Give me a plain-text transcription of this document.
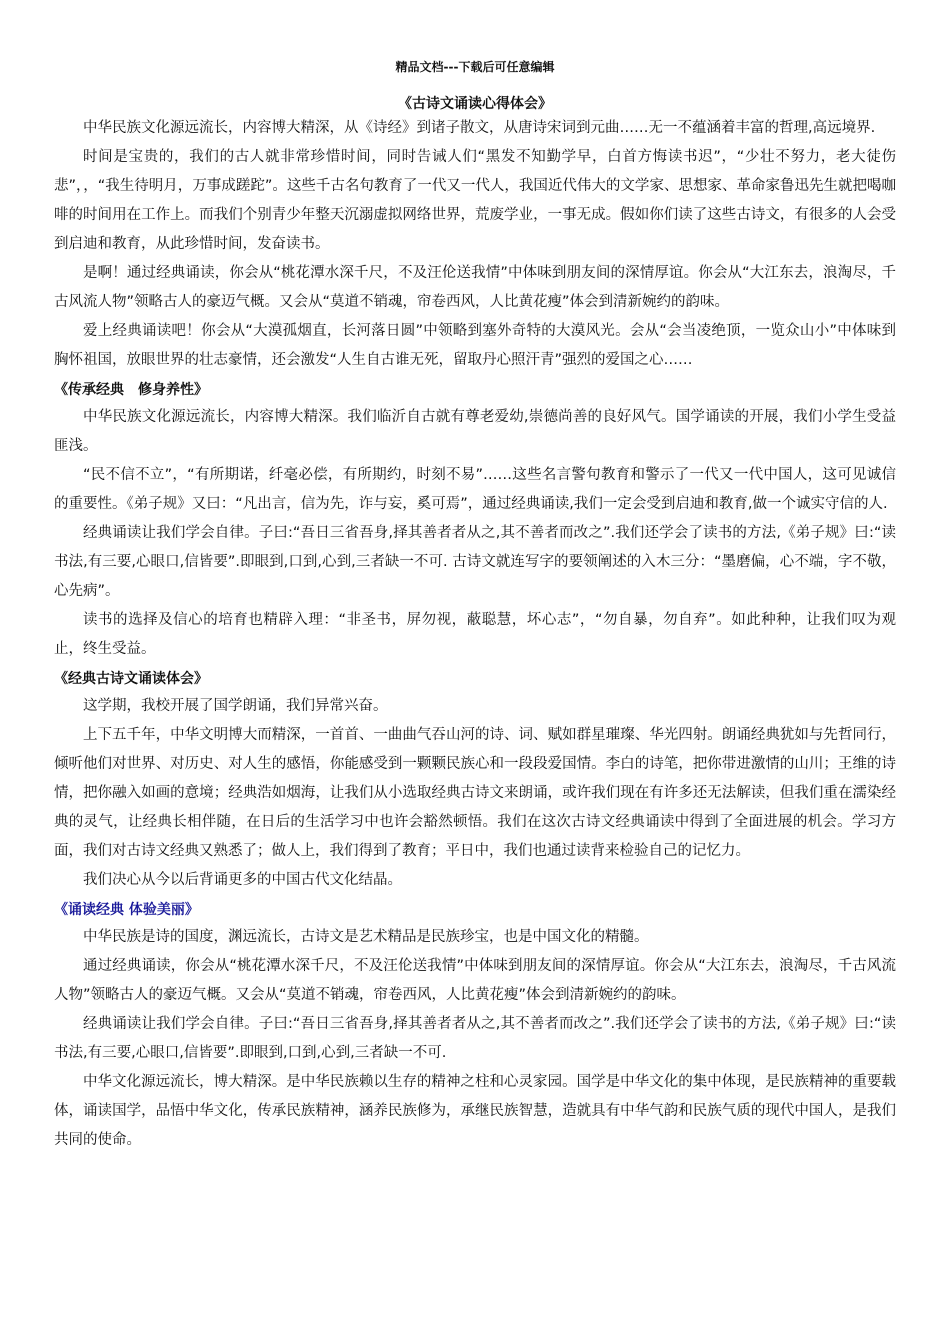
精品文档---下载后可任意编辑
《古诗文诵读心得体会》

中华民族文化源远流长，内容博大精深，从《诗经》到诸子散文，从唐诗宋词到元曲……无一不蕴涵着丰富的哲理,高远境界.

时间是宝贵的，我们的古人就非常珍惜时间，同时告诫人们“黑发不知勤学早，白首方悔读书迟”，“少壮不努力，老大徒伤悲”，，“我生待明月，万事成蹉跎”。这些千古名句教育了一代又一代人，我国近代伟大的文学家、思想家、革命家鲁迅先生就把喝咖啡的时间用在工作上。而我们个别青少年整天沉溺虚拟网络世界，荒废学业，一事无成。假如你们读了这些古诗文，有很多的人会受到启迪和教育，从此珍惜时间，发奋读书。

是啊！通过经典诵读，你会从“桃花潭水深千尺，不及汪伦送我情”中体味到朋友间的深情厚谊。你会从“大江东去，浪淘尽，千古风流人物”领略古人的豪迈气概。又会从“莫道不销魂，帘卷西风，人比黄花瘦”体会到清新婉约的韵味。

爱上经典诵读吧！你会从“大漠孤烟直，长河落日圆”中领略到塞外奇特的大漠风光。会从“会当凌绝顶，一览众山小”中体味到胸怀祖国，放眼世界的壮志豪情，还会激发“人生自古谁无死，留取丹心照汗青”强烈的爱国之心……

《传承经典　修身养性》

中华民族文化源远流长，内容博大精深。我们临沂自古就有尊老爱幼,崇德尚善的良好风气。国学诵读的开展，我们小学生受益匪浅。

“民不信不立”，“有所期诺，纤毫必偿，有所期约，时刻不易”……这些名言警句教育和警示了一代又一代中国人，这可见诚信的重要性。《弟子规》又曰：“凡出言，信为先，诈与妄，奚可焉”，通过经典诵读,我们一定会受到启迪和教育,做一个诚实守信的人.

经典诵读让我们学会自律。子曰:“吾日三省吾身,择其善者者从之,其不善者而改之”.我们还学会了读书的方法,《弟子规》曰:“读书法,有三要,心眼口,信皆要”.即眼到,口到,心到,三者缺一不可. 古诗文就连写字的要领阐述的入木三分：“墨磨偏，心不端，字不敬，心先病”。

读书的选择及信心的培育也精辟入理：“非圣书，屏勿视，蔽聪慧，坏心志”，“勿自暴，勿自弃”。如此种种，让我们叹为观止，终生受益。

《经典古诗文诵读体会》

这学期，我校开展了国学朗诵，我们异常兴奋。

上下五千年，中华文明博大而精深，一首首、一曲曲气吞山河的诗、词、赋如群星璀璨、华光四射。朗诵经典犹如与先哲同行，倾听他们对世界、对历史、对人生的感悟，你能感受到一颗颗民族心和一段段爱国情。李白的诗笔，把你带进激情的山川；王维的诗情，把你融入如画的意境；经典浩如烟海，让我们从小选取经典古诗文来朗诵，或许我们现在有许多还无法解读，但我们重在濡染经典的灵气，让经典长相伴随，在日后的生活学习中也许会豁然顿悟。我们在这次古诗文经典诵读中得到了全面进展的机会。学习方面，我们对古诗文经典又熟悉了；做人上，我们得到了教育；平日中，我们也通过读背来检验自己的记忆力。

我们决心从今以后背诵更多的中国古代文化结晶。

《诵读经典 体验美丽》

中华民族是诗的国度，渊远流长，古诗文是艺术精品是民族珍宝，也是中国文化的精髓。

通过经典诵读，你会从“桃花潭水深千尺，不及汪伦送我情”中体味到朋友间的深情厚谊。你会从“大江东去，浪淘尽，千古风流人物”领略古人的豪迈气概。又会从“莫道不销魂，帘卷西风，人比黄花瘦”体会到清新婉约的韵味。

经典诵读让我们学会自律。子曰:“吾日三省吾身,择其善者者从之,其不善者而改之”.我们还学会了读书的方法,《弟子规》曰:“读书法,有三要,心眼口,信皆要”.即眼到,口到,心到,三者缺一不可.

中华文化源远流长，博大精深。是中华民族赖以生存的精神之柱和心灵家园。国学是中华文化的集中体现，是民族精神的重要载体，诵读国学，品悟中华文化，传承民族精神，涵养民族修为，承继民族智慧，造就具有中华气韵和民族气质的现代中国人，是我们共同的使命。
